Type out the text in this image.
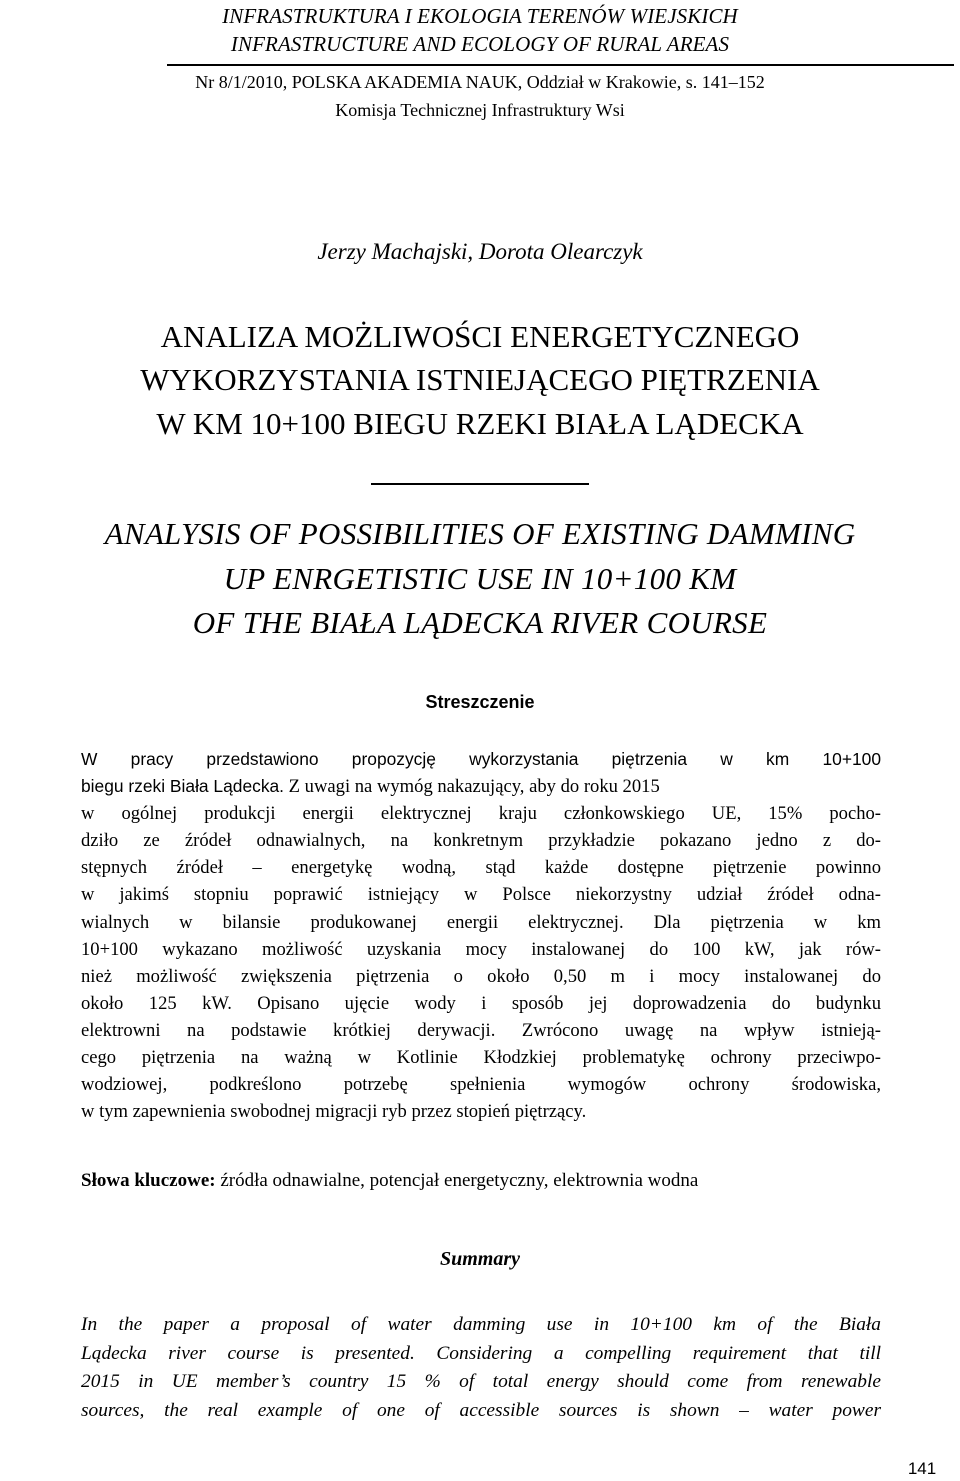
INFRASTRUKTURA I EKOLOGIA TERENÓW WIEJSKICH
INFRASTRUCTURE AND ECOLOGY OF RURAL AREAS
Nr 8/1/2010, POLSKA AKADEMIA NAUK, Oddział w Krakowie, s. 141–152
Komisja Technicznej Infrastruktury Wsi
Jerzy Machajski, Dorota Olearczyk
ANALIZA MOŻLIWOŚCI ENERGETYCZNEGO
WYKORZYSTANIA ISTNIEJĄCEGO PIĘTRZENIA
W KM 10+100 BIEGU RZEKI BIAŁA LĄDECKA
ANALYSIS OF POSSIBILITIES OF EXISTING DAMMING
UP ENRGETISTIC USE IN 10+100 KM
OF THE BIAŁA LĄDECKA RIVER COURSE
Streszczenie
W pracy przedstawiono propozycję wykorzystania piętrzenia w km 10+100
biegu rzeki Biała Lądecka. Z uwagi na wymóg nakazujący, aby do roku 2015
w ogólnej produkcji energii elektrycznej kraju członkowskiego UE, 15% pocho-
dziło ze źródeł odnawialnych, na konkretnym przykładzie pokazano jedno z do-
stępnych źródeł – energetykę wodną, stąd każde dostępne piętrzenie powinno
w jakimś stopniu poprawić istniejący w Polsce niekorzystny udział źródeł odna-
wialnych w bilansie produkowanej energii elektrycznej. Dla piętrzenia w km
10+100 wykazano możliwość uzyskania mocy instalowanej do 100 kW, jak rów-
nież możliwość zwiększenia piętrzenia o około 0,50 m i mocy instalowanej do
około 125 kW. Opisano ujęcie wody i sposób jej doprowadzenia do budynku
elektrowni na podstawie krótkiej derywacji. Zwrócono uwagę na wpływ istnieją-
cego piętrzenia na ważną w Kotlinie Kłodzkiej problematykę ochrony przeciwpo-
wodziowej, podkreślono potrzebę spełnienia wymogów ochrony środowiska,
w tym zapewnienia swobodnej migracji ryb przez stopień piętrzący.
Słowa kluczowe: źródła odnawialne, potencjał energetyczny, elektrownia wodna
Summary
In the paper a proposal of water damming use in 10+100 km of the Biała
Lądecka river course is presented. Considering a compelling requirement that till
2015 in UE member’s country 15 % of total energy should come from renewable
sources, the real example of one of accessible sources is shown – water power
141
